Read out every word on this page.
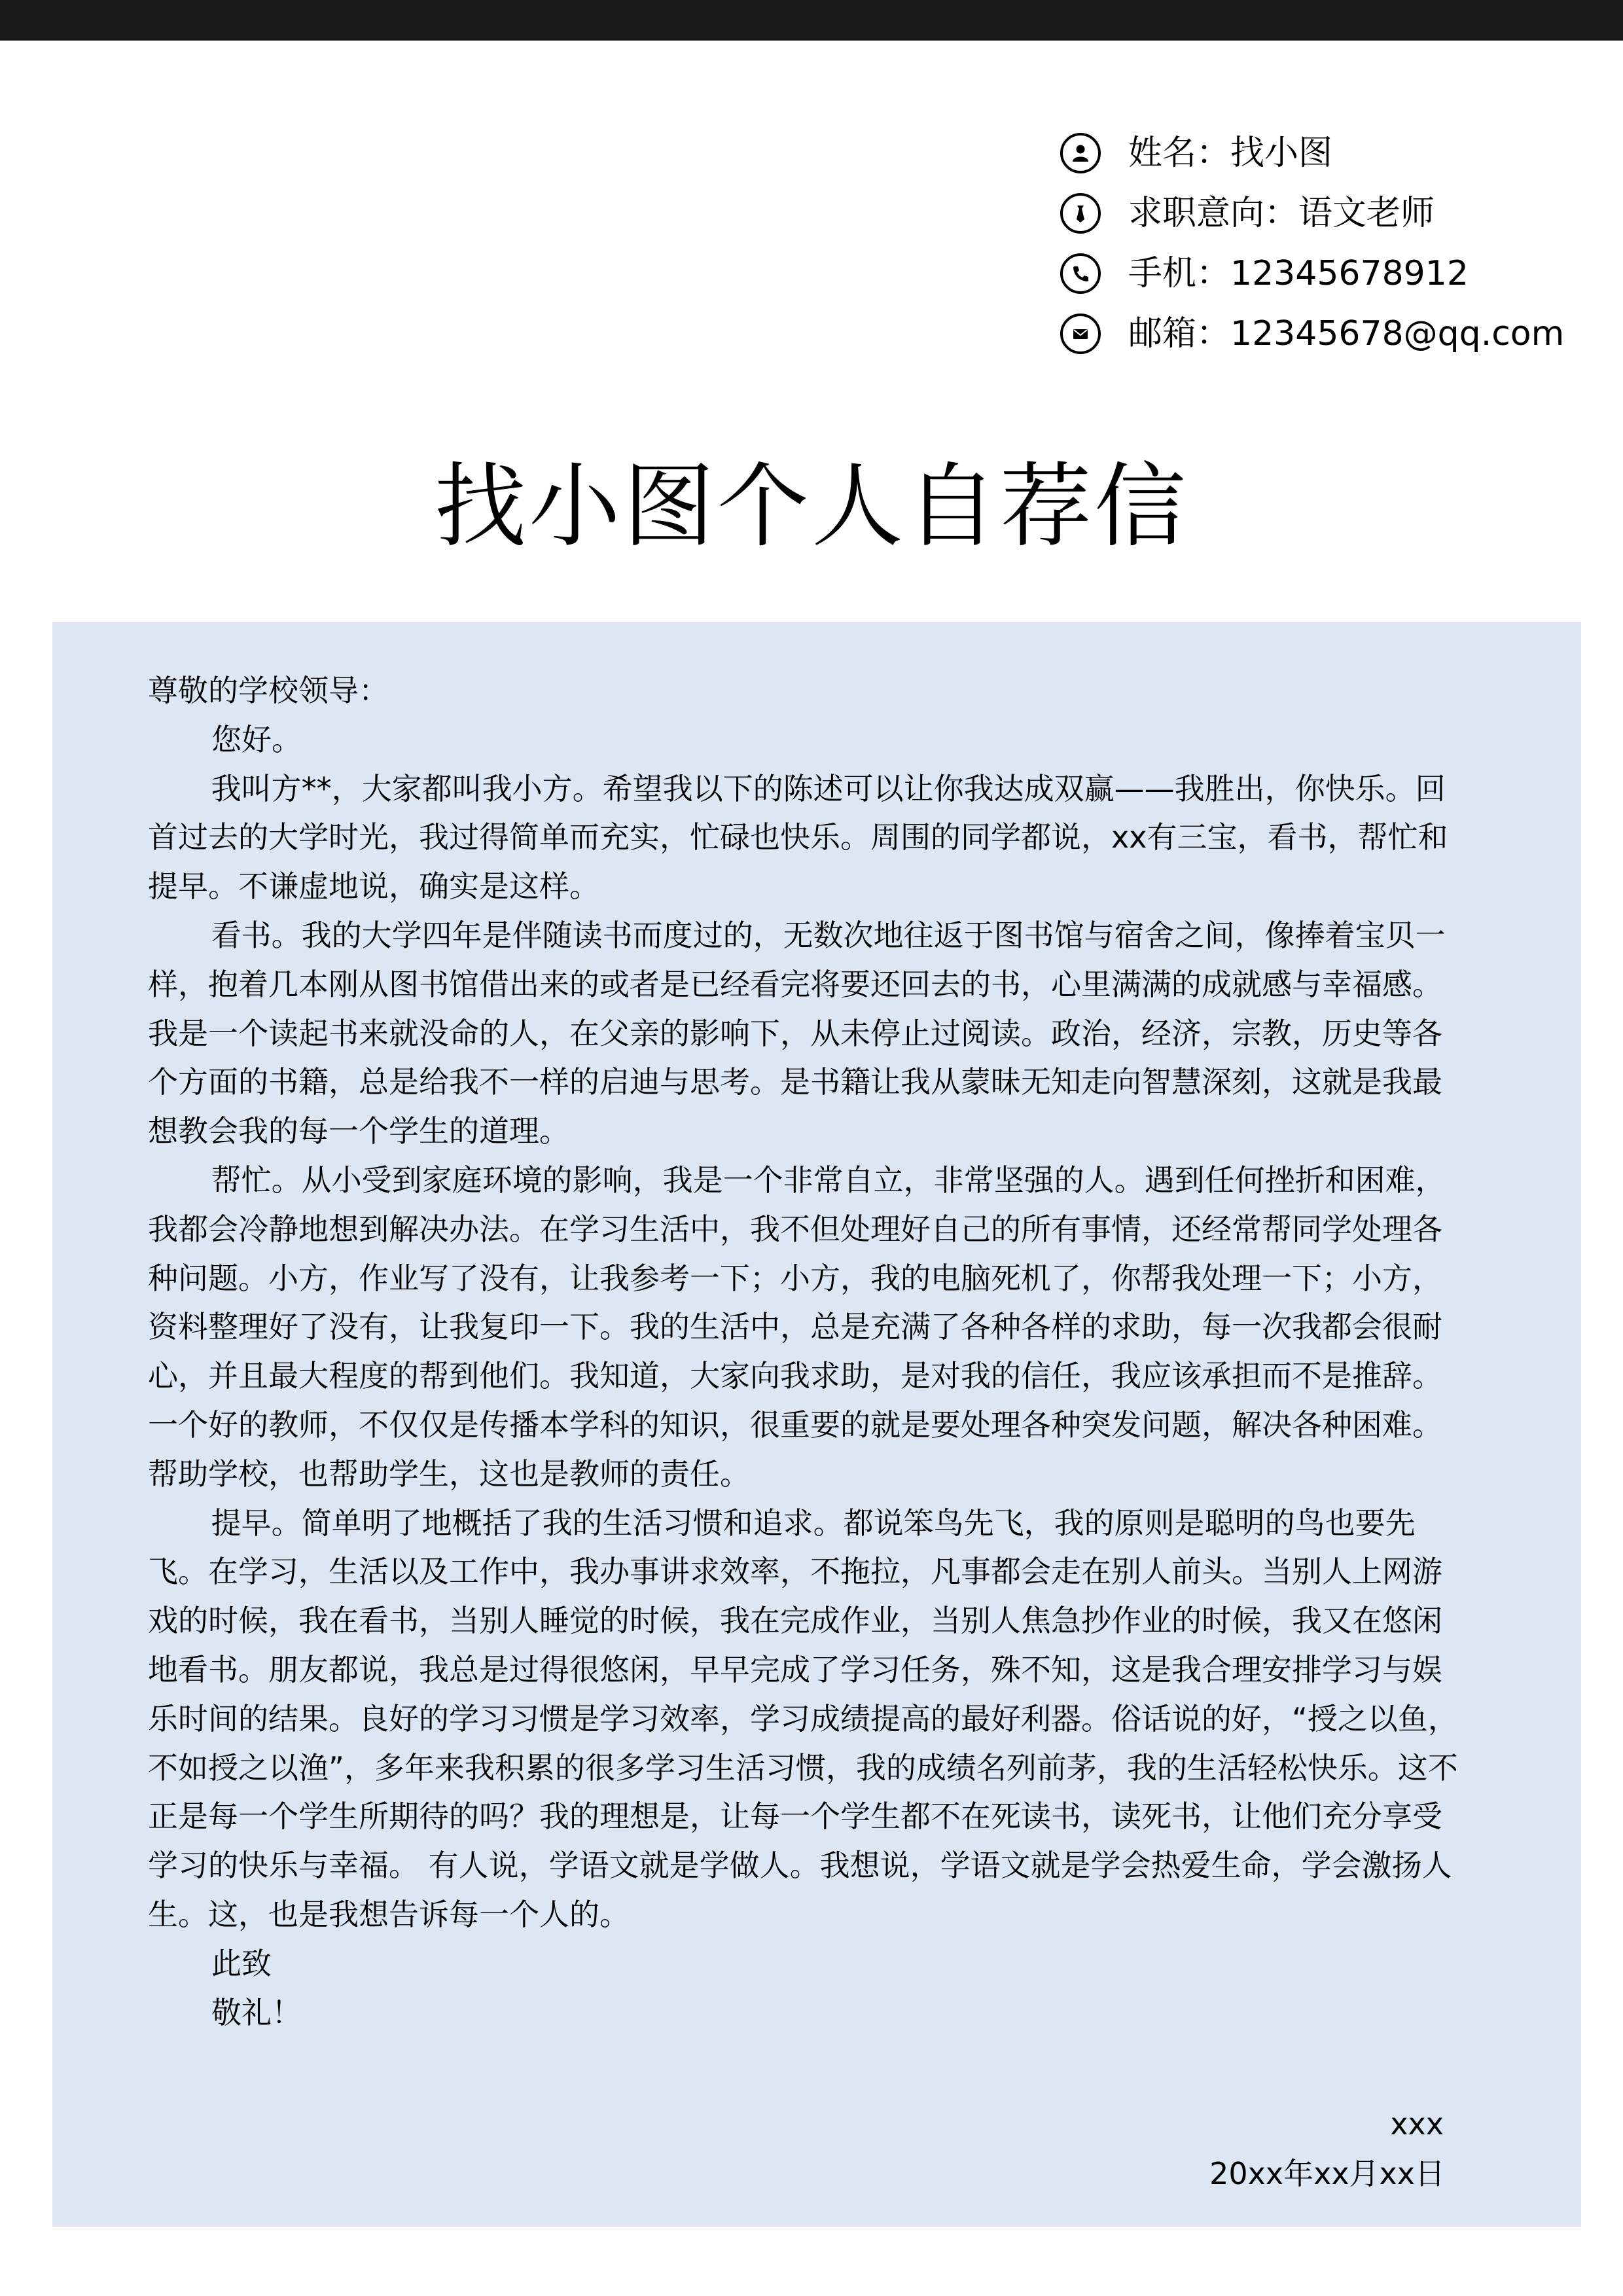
姓名：找小图
求职意向：语文老师
手机：12345678912
邮箱：12345678@qq.com
找小图个人自荐信

尊敬的学校领导：

您好。

我叫方**，大家都叫我小方。希望我以下的陈述可以让你我达成双赢——我胜出，你快乐。回首过去的大学时光，我过得简单而充实，忙碌也快乐。周围的同学都说，xx有三宝，看书，帮忙和提早。不谦虚地说，确实是这样。

看书。我的大学四年是伴随读书而度过的，无数次地往返于图书馆与宿舍之间，像捧着宝贝一样，抱着几本刚从图书馆借出来的或者是已经看完将要还回去的书，心里满满的成就感与幸福感。我是一个读起书来就没命的人，在父亲的影响下，从未停止过阅读。政治，经济，宗教，历史等各个方面的书籍，总是给我不一样的启迪与思考。是书籍让我从蒙昧无知走向智慧深刻，这就是我最想教会我的每一个学生的道理。

帮忙。从小受到家庭环境的影响，我是一个非常自立，非常坚强的人。遇到任何挫折和困难，我都会冷静地想到解决办法。在学习生活中，我不但处理好自己的所有事情，还经常帮同学处理各种问题。小方，作业写了没有，让我参考一下；小方，我的电脑死机了，你帮我处理一下；小方，资料整理好了没有，让我复印一下。我的生活中，总是充满了各种各样的求助，每一次我都会很耐心，并且最大程度的帮到他们。我知道，大家向我求助，是对我的信任，我应该承担而不是推辞。一个好的教师，不仅仅是传播本学科的知识，很重要的就是要处理各种突发问题，解决各种困难。帮助学校，也帮助学生，这也是教师的责任。

提早。简单明了地概括了我的生活习惯和追求。都说笨鸟先飞，我的原则是聪明的鸟也要先飞。在学习，生活以及工作中，我办事讲求效率，不拖拉，凡事都会走在别人前头。当别人上网游戏的时候，我在看书，当别人睡觉的时候，我在完成作业，当别人焦急抄作业的时候，我又在悠闲地看书。朋友都说，我总是过得很悠闲，早早完成了学习任务，殊不知，这是我合理安排学习与娱乐时间的结果。良好的学习习惯是学习效率，学习成绩提高的最好利器。俗话说的好，“授之以鱼，不如授之以渔”，多年来我积累的很多学习生活习惯，我的成绩名列前茅，我的生活轻松快乐。这不正是每一个学生所期待的吗？我的理想是，让每一个学生都不在死读书，读死书，让他们充分享受学习的快乐与幸福。 有人说，学语文就是学做人。我想说，学语文就是学会热爱生命，学会激扬人生。这，也是我想告诉每一个人的。

此致

敬礼！

xxx
20xx年xx月xx日
